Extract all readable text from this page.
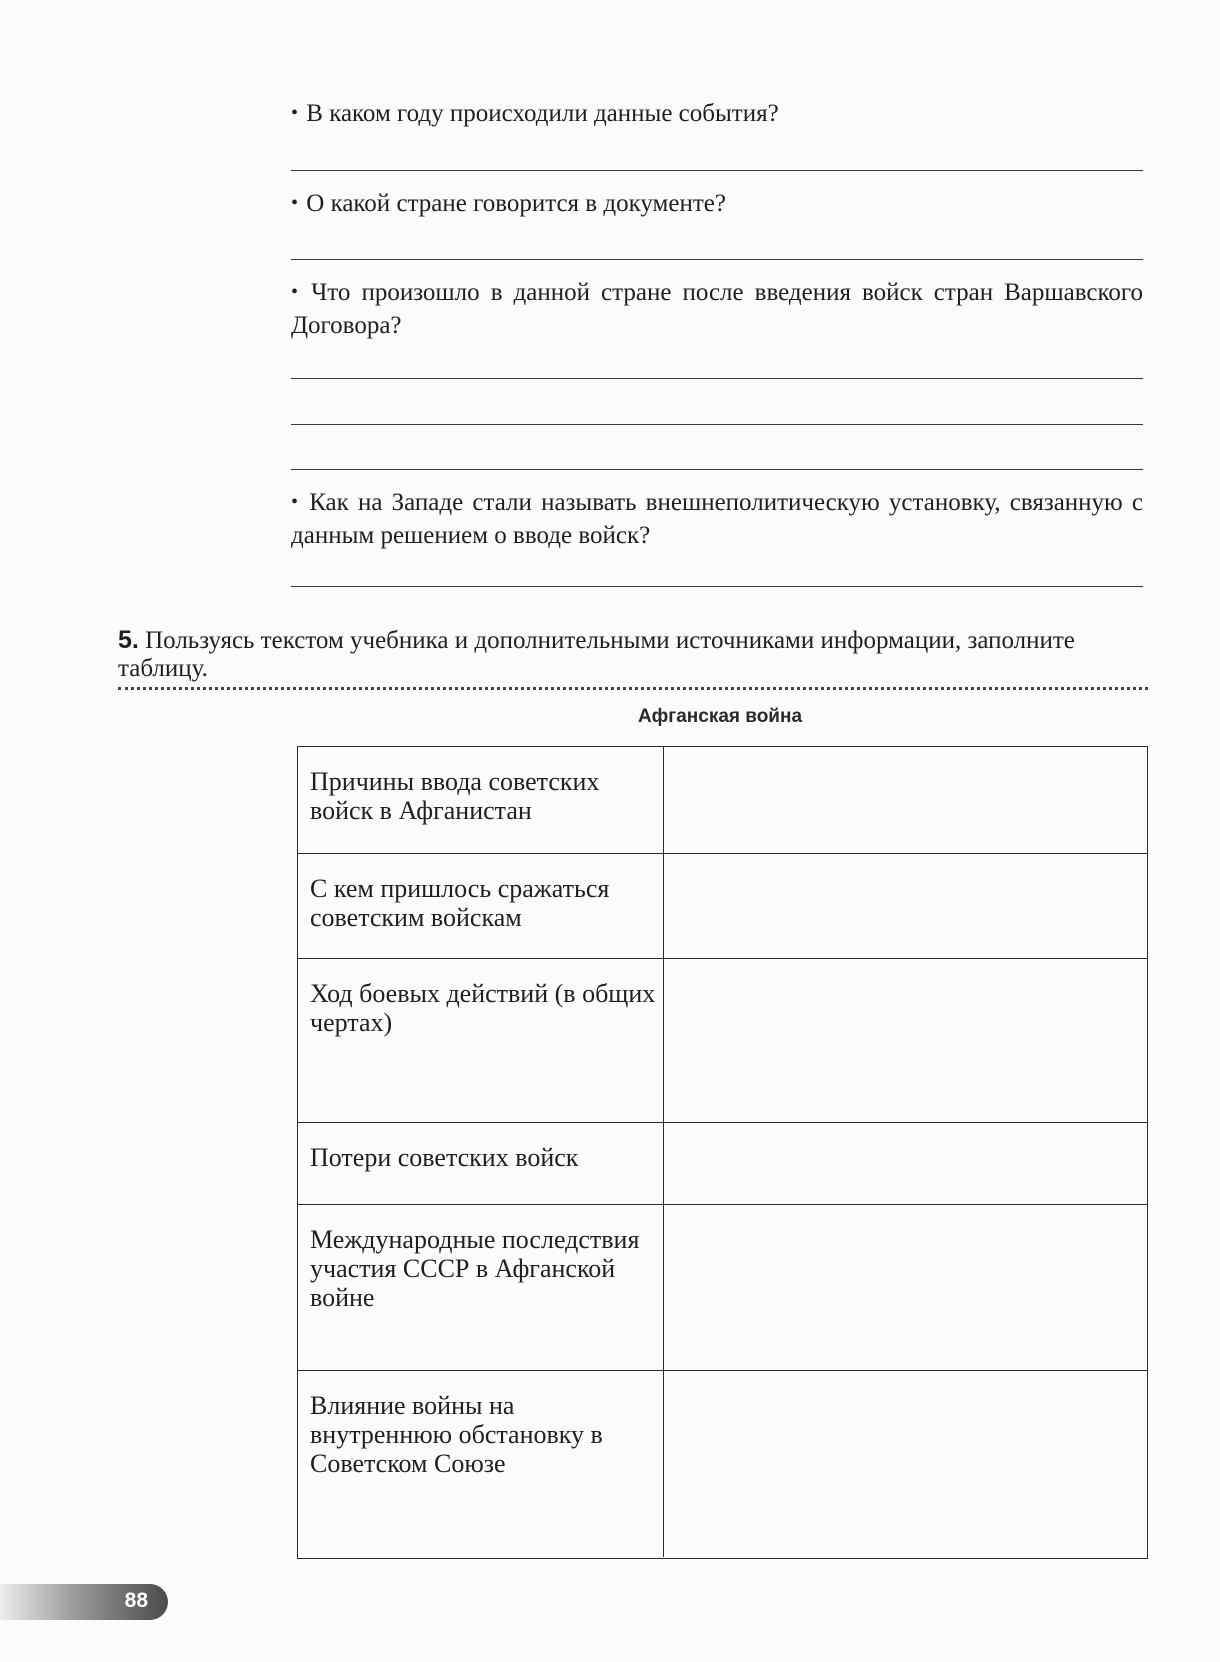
• В каком году происходили данные события?
• О какой стране говорится в документе?
• Что произошло в данной стране после введения войск стран Варшавского Договора?
• Как на Западе стали называть внешнеполитическую установку, связанную с данным решением о вводе войск?
5. Пользуясь текстом учебника и дополнительными источниками информации, заполните таблицу.
Афганская война
Причины ввода советских войск в Афганистан
С кем пришлось сражаться советским войскам
Ход боевых действий (в общих чертах)
Потери советских войск
Международные последствия участия СССР в Афганской войне
Влияние войны на внутреннюю обстановку в Советском Союзе
88
